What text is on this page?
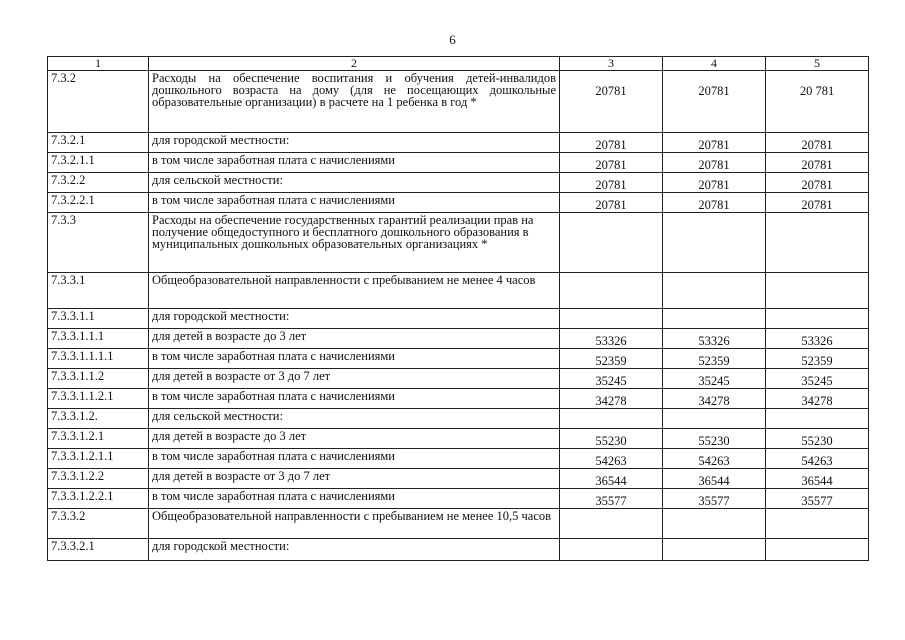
6
1	2	3	4	5
7.3.2	Расходы на обеспечение воспитания и обучения детей-инвалидов дошкольного возраста на дому (для не посещающих дошкольные образовательные организации) в расчете на 1 ребенка в год *	20781	20781	20 781
7.3.2.1	для городской местности:	20781	20781	20781
7.3.2.1.1	в том числе заработная плата с начислениями	20781	20781	20781
7.3.2.2	для сельской местности:	20781	20781	20781
7.3.2.2.1	в том числе заработная плата с начислениями	20781	20781	20781
7.3.3	Расходы на обеспечение государственных гарантий реализации прав на получение общедоступного и бесплатного дошкольного образования в муниципальных дошкольных образовательных организациях *			
7.3.3.1	Общеобразовательной направленности с пребыванием не менее 4 часов			
7.3.3.1.1	для городской местности:			
7.3.3.1.1.1	для детей в возрасте до 3 лет	53326	53326	53326
7.3.3.1.1.1.1	в том числе заработная плата с начислениями	52359	52359	52359
7.3.3.1.1.2	для детей в возрасте от 3 до 7 лет	35245	35245	35245
7.3.3.1.1.2.1	в том числе заработная плата с начислениями	34278	34278	34278
7.3.3.1.2.	для сельской местности:			
7.3.3.1.2.1	для детей в возрасте до 3 лет	55230	55230	55230
7.3.3.1.2.1.1	в том числе заработная плата с начислениями	54263	54263	54263
7.3.3.1.2.2	для детей в возрасте от 3 до 7 лет	36544	36544	36544
7.3.3.1.2.2.1	в том числе заработная плата с начислениями	35577	35577	35577
7.3.3.2	Общеобразовательной направленности с пребыванием не менее 10,5 часов			
7.3.3.2.1	для городской местности:			
